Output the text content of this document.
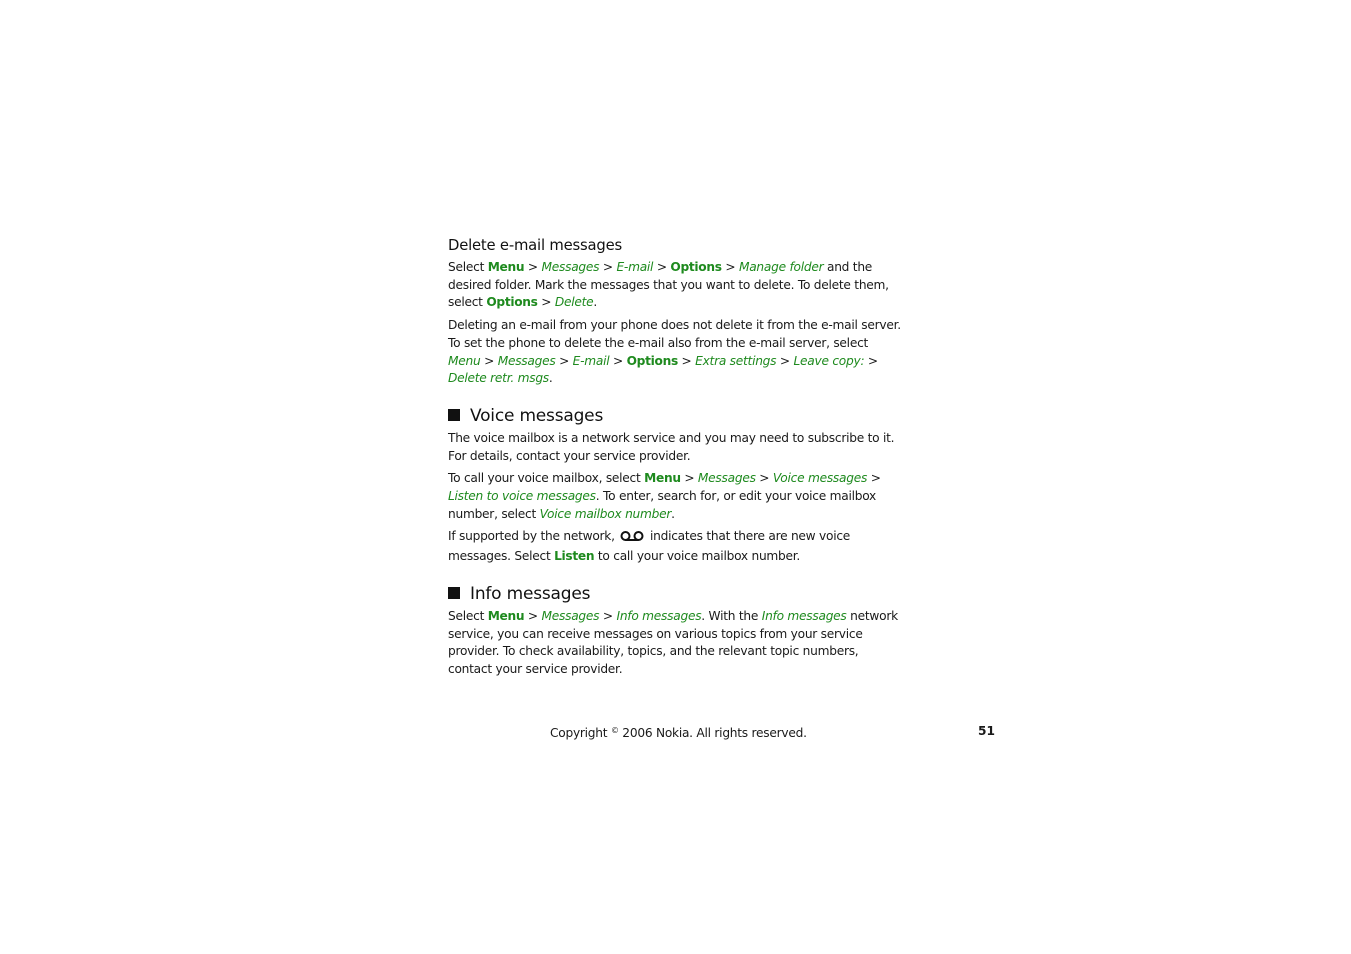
Delete e-mail messages

Select Menu > Messages > E-mail > Options > Manage folder and the desired folder. Mark the messages that you want to delete. To delete them, select Options > Delete.

Deleting an e-mail from your phone does not delete it from the e-mail server. To set the phone to delete the e-mail also from the e-mail server, select Menu > Messages > E-mail > Options > Extra settings > Leave copy: > Delete retr. msgs.

Voice messages

The voice mailbox is a network service and you may need to subscribe to it. For details, contact your service provider.

To call your voice mailbox, select Menu > Messages > Voice messages > Listen to voice messages. To enter, search for, or edit your voice mailbox number, select Voice mailbox number.

If supported by the network,  indicates that there are new voice messages. Select Listen to call your voice mailbox number.

Info messages

Select Menu > Messages > Info messages. With the Info messages network service, you can receive messages on various topics from your service provider. To check availability, topics, and the relevant topic numbers, contact your service provider.

Copyright © 2006 Nokia. All rights reserved.	51
